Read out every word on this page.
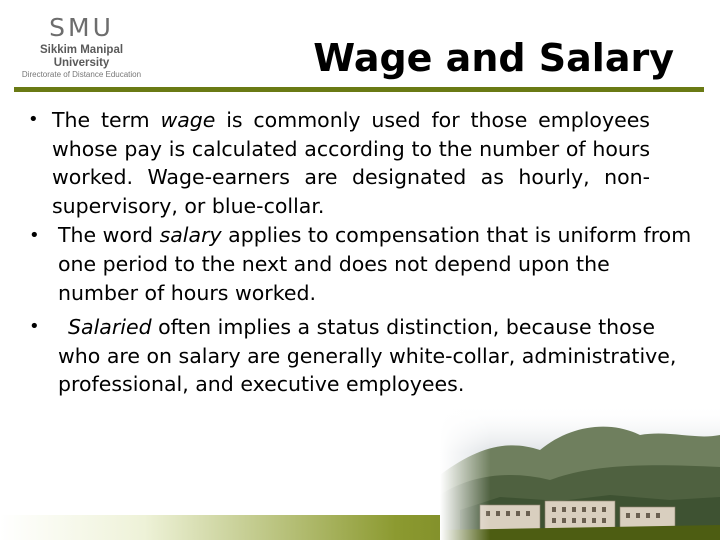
SMU
Sikkim Manipal University
Directorate of Distance Education	Wage and Salary
• The term wage is commonly used for those employees whose pay is calculated according to the number of hours worked. Wage-earners are designated as hourly, non-supervisory, or blue-collar.
• The word salary applies to compensation that is uniform from one period to the next and does not depend upon the number of hours worked.
• Salaried often implies a status distinction, because those who are on salary are generally white-collar, administrative, professional, and executive employees.
